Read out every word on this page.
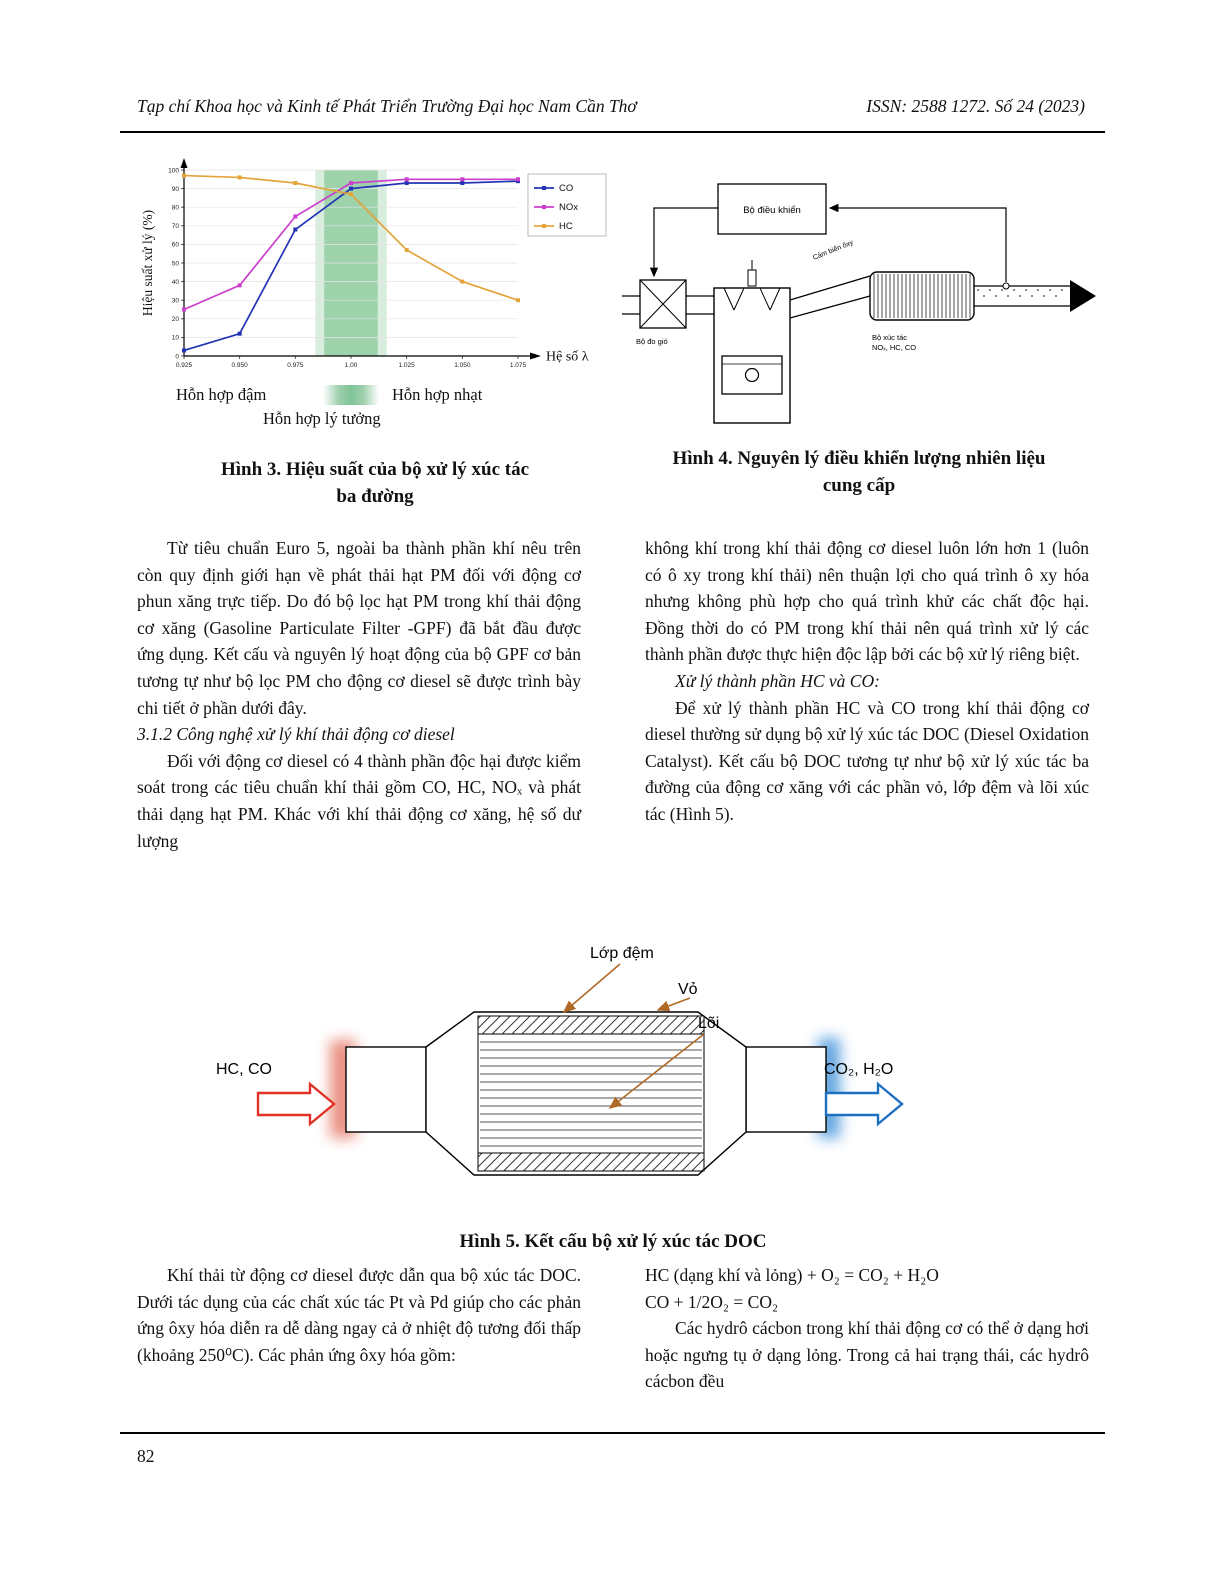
Tạp chí Khoa học và Kinh tế Phát Triển Trường Đại học Nam Cần Thơ	ISSN: 2588 1272. Số 24 (2023)
0
10
20
30
40
50
60
70
80
90
100
0.925	0.950	0.975	1.00	1.025	1.050	1.075
CO
NOx
HC
Hiệu suất xử lý (%)
Hệ số λ
Hỗn hợp đậm	Hỗn hợp nhạt
Hỗn hợp lý tưởng
Hình 3. Hiệu suất của bộ xử lý xúc tác
ba đường
Bộ điều khiển
Bộ đo gió
Cảm biến ôxy
Bộ xúc tác
NOₓ, HC, CO
Hình 4. Nguyên lý điều khiển lượng nhiên liệu
cung cấp

Từ tiêu chuẩn Euro 5, ngoài ba thành phần khí nêu trên còn quy định giới hạn về phát thải hạt PM đối với động cơ phun xăng trực tiếp. Do đó bộ lọc hạt PM trong khí thải động cơ xăng (Gasoline Particulate Filter -GPF) đã bắt đầu được ứng dụng. Kết cấu và nguyên lý hoạt động của bộ GPF cơ bản tương tự như bộ lọc PM cho động cơ diesel sẽ được trình bày chi tiết ở phần dưới đây.

3.1.2 Công nghệ xử lý khí thải động cơ diesel

Đối với động cơ diesel có 4 thành phần độc hại được kiểm soát trong các tiêu chuẩn khí thải gồm CO, HC, NOₓ và phát thải dạng hạt PM. Khác với khí thải động cơ xăng, hệ số dư lượng

không khí trong khí thải động cơ diesel luôn lớn hơn 1 (luôn có ô xy trong khí thải) nên thuận lợi cho quá trình ô xy hóa nhưng không phù hợp cho quá trình khử các chất độc hại. Đồng thời do có PM trong khí thải nên quá trình xử lý các thành phần được thực hiện độc lập bởi các bộ xử lý riêng biệt.

Xử lý thành phần HC và CO:

Để xử lý thành phần HC và CO trong khí thải động cơ diesel thường sử dụng bộ xử lý xúc tác DOC (Diesel Oxidation Catalyst). Kết cấu bộ DOC tương tự như bộ xử lý xúc tác ba đường của động cơ xăng với các phần vỏ, lớp đệm và lõi xúc tác (Hình 5).

Lớp đệm
Vỏ
Lõi
HC, CO	CO₂, H₂O
Hình 5. Kết cấu bộ xử lý xúc tác DOC

Khí thải từ động cơ diesel được dẫn qua bộ xúc tác DOC. Dưới tác dụng của các chất xúc tác Pt và Pd giúp cho các phản ứng ôxy hóa diễn ra dễ dàng ngay cả ở nhiệt độ tương đối thấp (khoảng 250⁰C). Các phản ứng ôxy hóa gồm:

HC (dạng khí và lỏng) + O₂ = CO₂ + H₂O

CO + 1/2O₂ = CO₂

Các hydrô cácbon trong khí thải động cơ có thể ở dạng hơi hoặc ngưng tụ ở dạng lỏng. Trong cả hai trạng thái, các hydrô cácbon đều

82
